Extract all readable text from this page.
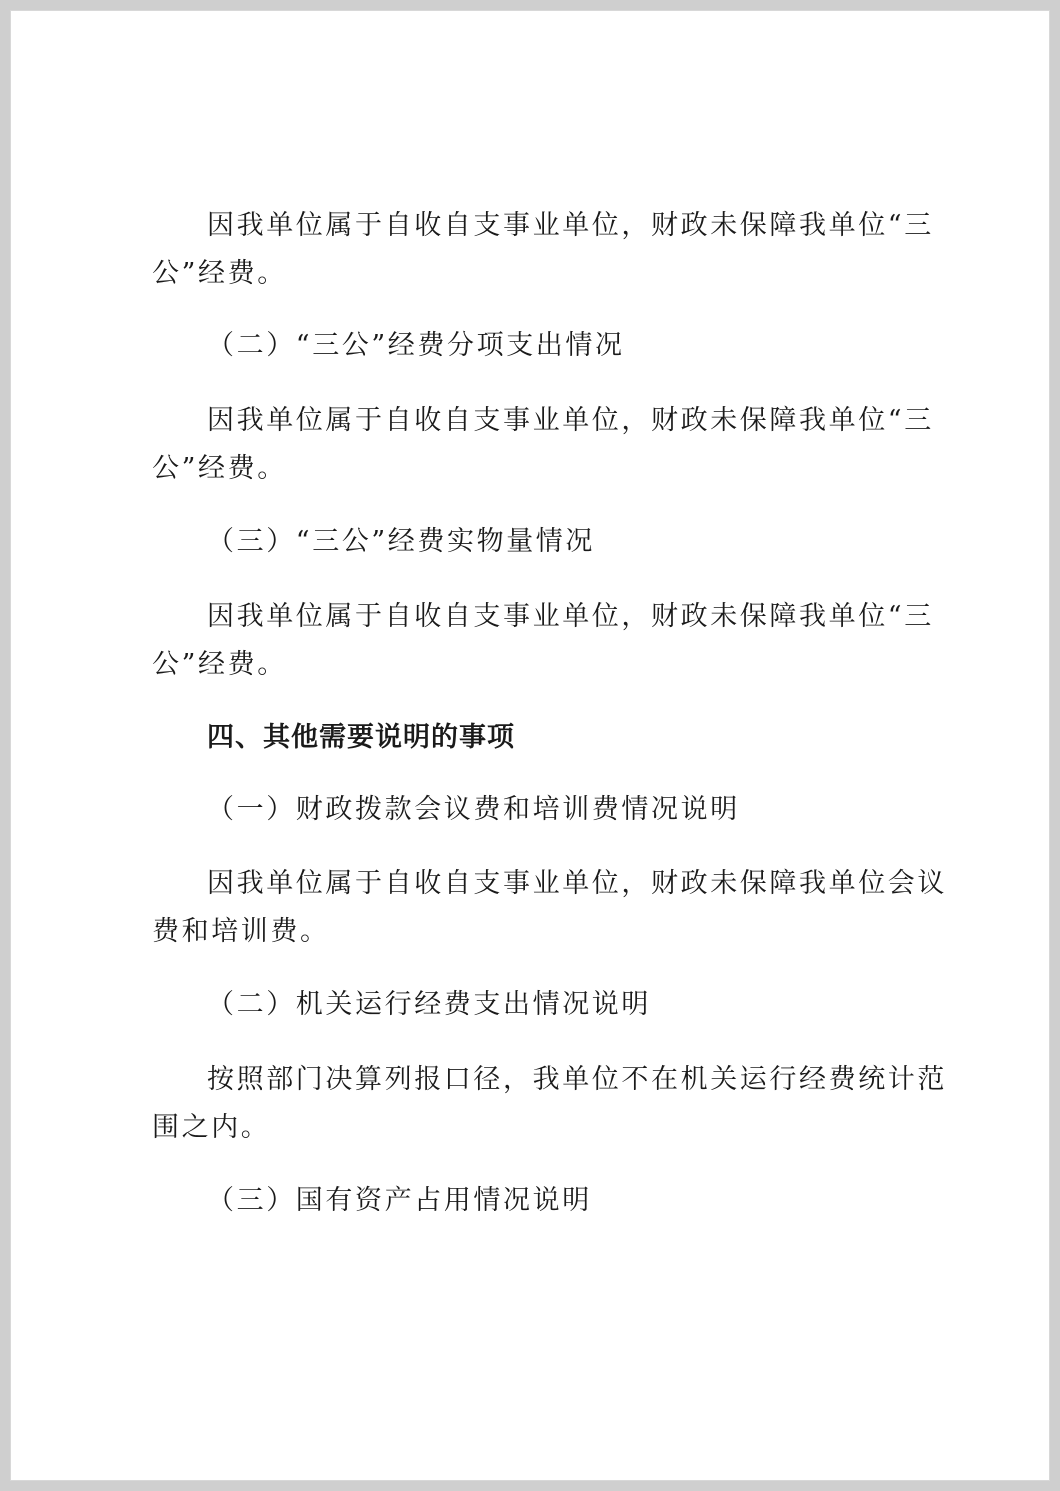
因我单位属于自收自支事业单位，财政未保障我单位“三
公”经费。
（二）“三公”经费分项支出情况
因我单位属于自收自支事业单位，财政未保障我单位“三
公”经费。
（三）“三公”经费实物量情况
因我单位属于自收自支事业单位，财政未保障我单位“三
公”经费。
四、其他需要说明的事项
（一）财政拨款会议费和培训费情况说明
因我单位属于自收自支事业单位，财政未保障我单位会议
费和培训费。
（二）机关运行经费支出情况说明
按照部门决算列报口径，我单位不在机关运行经费统计范
围之内。
（三）国有资产占用情况说明
